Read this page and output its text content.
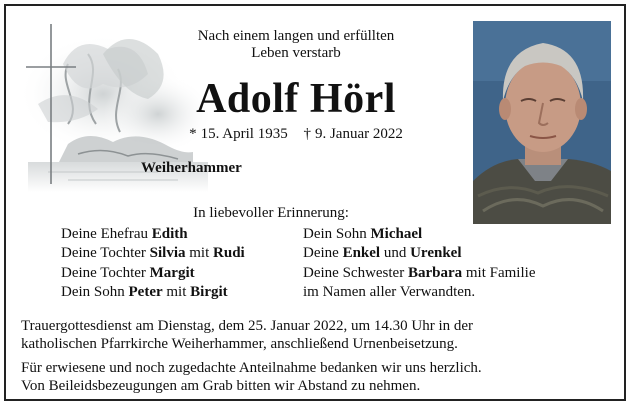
Nach einem langen und erfüllten
Leben verstarb
Adolf Hörl
* 15. April 1935 † 9. Januar 2022
Weiherhammer
In liebevoller Erinnerung:
Deine Ehefrau Edith
Deine Tochter Silvia mit Rudi
Deine Tochter Margit
Dein Sohn Peter mit Birgit
Dein Sohn Michael
Deine Enkel und Urenkel
Deine Schwester Barbara mit Familie
im Namen aller Verwandten.

Trauergottesdienst am Dienstag, dem 25. Januar 2022, um 14.30 Uhr in der
katholischen Pfarrkirche Weiherhammer, anschließend Urnenbeisetzung.

Für erwiesene und noch zugedachte Anteilnahme bedanken wir uns herzlich.
Von Beileidsbezeugungen am Grab bitten wir Abstand zu nehmen.
